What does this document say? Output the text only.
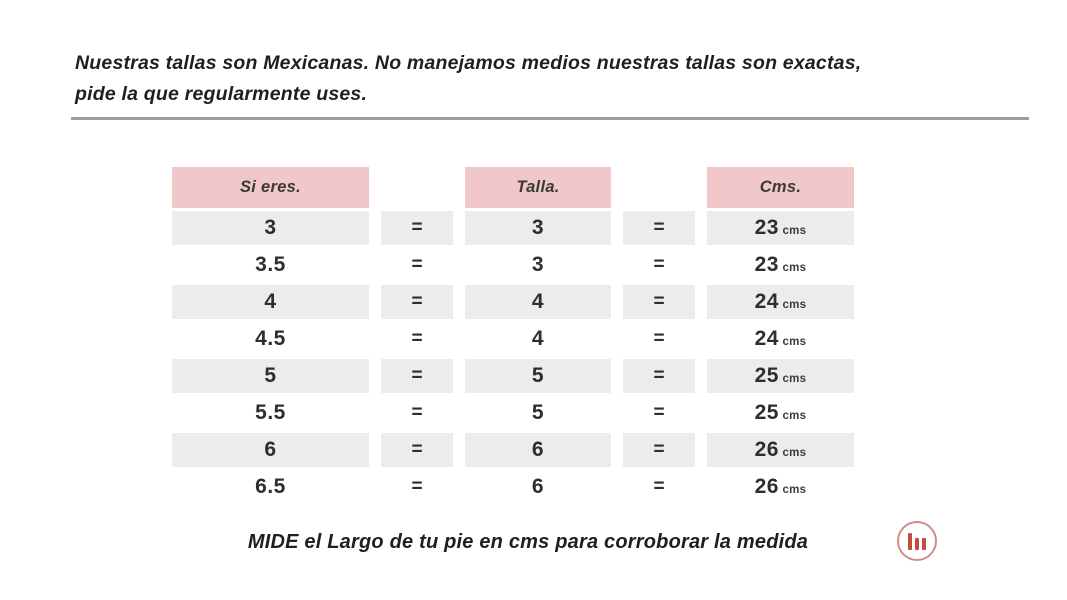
Nuestras tallas son Mexicanas. No manejamos medios nuestras tallas son exactas,
pide la que regularmente uses.
Si eres.		Talla.		Cms.
3	=	3	=	23 cms
3.5	=	3	=	23 cms
4	=	4	=	24 cms
4.5	=	4	=	24 cms
5	=	5	=	25 cms
5.5	=	5	=	25 cms
6	=	6	=	26 cms
6.5	=	6	=	26 cms
MIDE el Largo de tu pie en cms para corroborar la medida
